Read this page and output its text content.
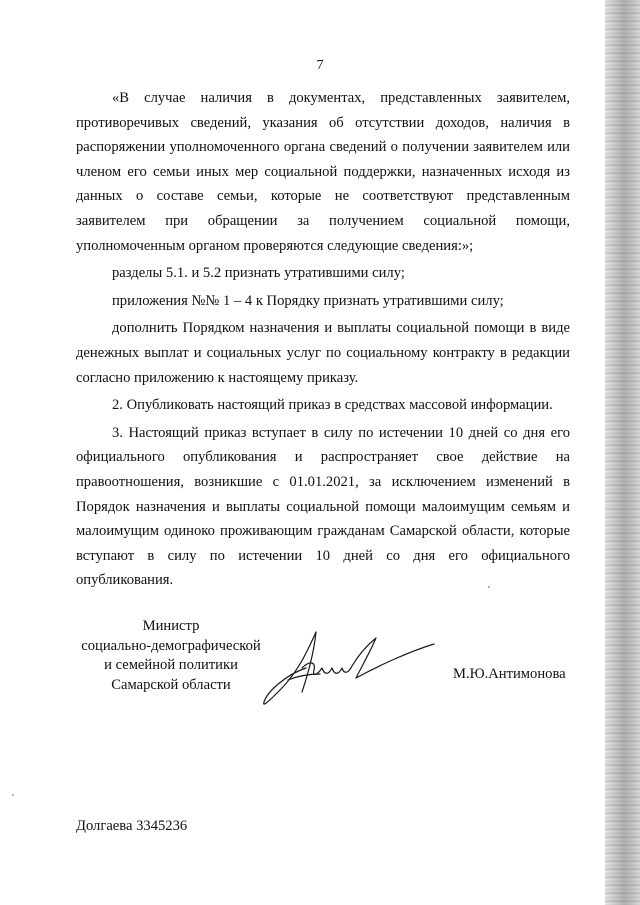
7

«В случае наличия в документах, представленных заявителем, противоречивых сведений, указания об отсутствии доходов, наличия в распоряжении уполномоченного органа сведений о получении заявителем или членом его семьи иных мер социальной поддержки, назначенных исходя из данных о составе семьи, которые не соответствуют представленным заявителем при обращении за получением социальной помощи, уполномоченным органом проверяются следующие сведения:»;

разделы 5.1. и 5.2 признать утратившими силу;

приложения №№ 1 – 4 к Порядку признать утратившими силу;

дополнить Порядком назначения и выплаты социальной помощи в виде денежных выплат и социальных услуг по социальному контракту в редакции согласно приложению к настоящему приказу.

2. Опубликовать настоящий приказ в средствах массовой информации.

3. Настоящий приказ вступает в силу по истечении 10 дней со дня его официального опубликования и распространяет свое действие на правоотношения, возникшие с 01.01.2021, за исключением изменений в Порядок назначения и выплаты социальной помощи малоимущим семьям и малоимущим одиноко проживающим гражданам Самарской области, которые вступают в силу по истечении 10 дней со дня его официального опубликования.

Министр
социально-демографической
и семейной политики
Самарской области
М.Ю.Антимонова
Долгаева 3345236
